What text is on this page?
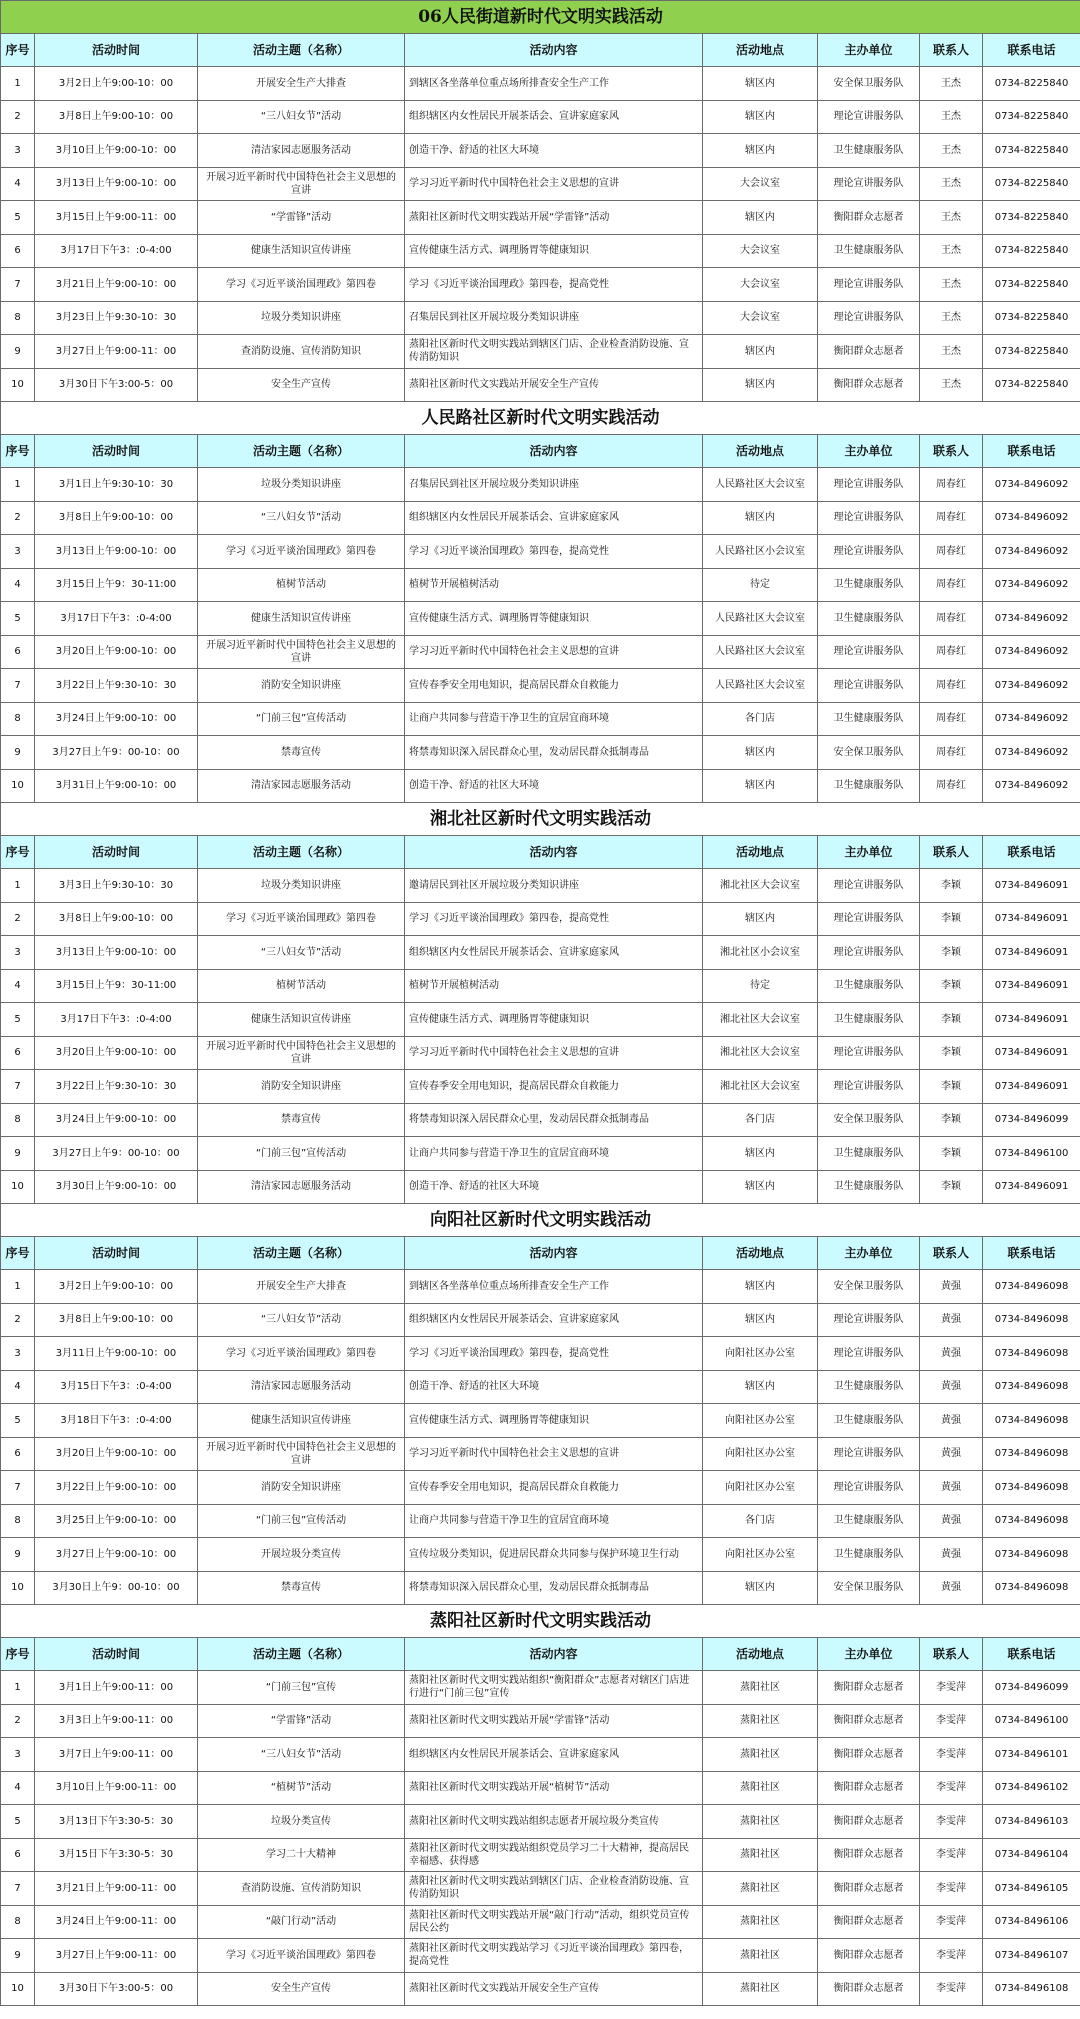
06人民街道新时代文明实践活动							
序号	活动时间	活动主题（名称）	活动内容	活动地点	主办单位	联系人	联系电话
1	3月2日上午9:00-10：00	开展安全生产大排查	到辖区各坐落单位重点场所排查安全生产工作	辖区内	安全保卫服务队	王杰	0734-8225840
2	3月8日上午9:00-10：00	“三八妇女节”活动	组织辖区内女性居民开展茶话会、宣讲家庭家风	辖区内	理论宣讲服务队	王杰	0734-8225840
3	3月10日上午9:00-10：00	清洁家园志愿服务活动	创造干净、舒适的社区大环境	辖区内	卫生健康服务队	王杰	0734-8225840
4	3月13日上午9:00-10：00	开展习近平新时代中国特色社会主义思想的宣讲	学习习近平新时代中国特色社会主义思想的宣讲	大会议室	理论宣讲服务队	王杰	0734-8225840
5	3月15日上午9:00-11：00	“学雷锋”活动	蒸阳社区新时代文明实践站开展“学雷锋”活动	辖区内	衡阳群众志愿者	王杰	0734-8225840
6	3月17日下午3：:0-4:00	健康生活知识宣传讲座	宣传健康生活方式、调理肠胃等健康知识	大会议室	卫生健康服务队	王杰	0734-8225840
7	3月21日上午9:00-10：00	学习《习近平谈治国理政》第四卷	学习《习近平谈治国理政》第四卷，提高党性	大会议室	理论宣讲服务队	王杰	0734-8225840
8	3月23日上午9:30-10：30	垃圾分类知识讲座	召集居民到社区开展垃圾分类知识讲座	大会议室	理论宣讲服务队	王杰	0734-8225840
9	3月27日上午9:00-11：00	查消防设施、宣传消防知识	蒸阳社区新时代文明实践站到辖区门店、企业检查消防设施、宣传消防知识	辖区内	衡阳群众志愿者	王杰	0734-8225840
10	3月30日下午3:00-5：00	安全生产宣传	蒸阳社区新时代文实践站开展安全生产宣传	辖区内	衡阳群众志愿者	王杰	0734-8225840
人民路社区新时代文明实践活动							
序号	活动时间	活动主题（名称）	活动内容	活动地点	主办单位	联系人	联系电话
1	3月1日上午9:30-10：30	垃圾分类知识讲座	召集居民到社区开展垃圾分类知识讲座	人民路社区大会议室	理论宣讲服务队	周春红	0734-8496092
2	3月8日上午9:00-10：00	“三八妇女节”活动	组织辖区内女性居民开展茶话会、宣讲家庭家风	辖区内	理论宣讲服务队	周春红	0734-8496092
3	3月13日上午9:00-10：00	学习《习近平谈治国理政》第四卷	学习《习近平谈治国理政》第四卷，提高党性	人民路社区小会议室	理论宣讲服务队	周春红	0734-8496092
4	3月15日上午9：30-11:00	植树节活动	植树节开展植树活动	待定	卫生健康服务队	周春红	0734-8496092
5	3月17日下午3：:0-4:00	健康生活知识宣传讲座	宣传健康生活方式、调理肠胃等健康知识	人民路社区大会议室	卫生健康服务队	周春红	0734-8496092
6	3月20日上午9:00-10：00	开展习近平新时代中国特色社会主义思想的宣讲	学习习近平新时代中国特色社会主义思想的宣讲	人民路社区大会议室	理论宣讲服务队	周春红	0734-8496092
7	3月22日上午9:30-10：30	消防安全知识讲座	宣传春季安全用电知识，提高居民群众自救能力	人民路社区大会议室	理论宣讲服务队	周春红	0734-8496092
8	3月24日上午9:00-10：00	“门前三包”宣传活动	让商户共同参与营造干净卫生的宜居宜商环境	各门店	卫生健康服务队	周春红	0734-8496092
9	3月27日上午9：00-10：00	禁毒宣传	将禁毒知识深入居民群众心里，发动居民群众抵制毒品	辖区内	安全保卫服务队	周春红	0734-8496092
10	3月31日上午9:00-10：00	清洁家园志愿服务活动	创造干净、舒适的社区大环境	辖区内	卫生健康服务队	周春红	0734-8496092
湘北社区新时代文明实践活动							
序号	活动时间	活动主题（名称）	活动内容	活动地点	主办单位	联系人	联系电话
1	3月3日上午9:30-10：30	垃圾分类知识讲座	邀请居民到社区开展垃圾分类知识讲座	湘北社区大会议室	理论宣讲服务队	李颖	0734-8496091
2	3月8日上午9:00-10：00	学习《习近平谈治国理政》第四卷	学习《习近平谈治国理政》第四卷，提高党性	辖区内	理论宣讲服务队	李颖	0734-8496091
3	3月13日上午9:00-10：00	“三八妇女节”活动	组织辖区内女性居民开展茶话会、宣讲家庭家风	湘北社区小会议室	理论宣讲服务队	李颖	0734-8496091
4	3月15日上午9：30-11:00	植树节活动	植树节开展植树活动	待定	卫生健康服务队	李颖	0734-8496091
5	3月17日下午3：:0-4:00	健康生活知识宣传讲座	宣传健康生活方式、调理肠胃等健康知识	湘北社区大会议室	卫生健康服务队	李颖	0734-8496091
6	3月20日上午9:00-10：00	开展习近平新时代中国特色社会主义思想的宣讲	学习习近平新时代中国特色社会主义思想的宣讲	湘北社区大会议室	理论宣讲服务队	李颖	0734-8496091
7	3月22日上午9:30-10：30	消防安全知识讲座	宣传春季安全用电知识，提高居民群众自救能力	湘北社区大会议室	理论宣讲服务队	李颖	0734-8496091
8	3月24日上午9:00-10：00	禁毒宣传	将禁毒知识深入居民群众心里，发动居民群众抵制毒品	各门店	安全保卫服务队	李颖	0734-8496099
9	3月27日上午9：00-10：00	“门前三包”宣传活动	让商户共同参与营造干净卫生的宜居宜商环境	辖区内	卫生健康服务队	李颖	0734-8496100
10	3月30日上午9:00-10：00	清洁家园志愿服务活动	创造干净、舒适的社区大环境	辖区内	卫生健康服务队	李颖	0734-8496091
向阳社区新时代文明实践活动							
序号	活动时间	活动主题（名称）	活动内容	活动地点	主办单位	联系人	联系电话
1	3月2日上午9:00-10：00	开展安全生产大排查	到辖区各坐落单位重点场所排查安全生产工作	辖区内	安全保卫服务队	黄强	0734-8496098
2	3月8日上午9:00-10：00	“三八妇女节”活动	组织辖区内女性居民开展茶话会、宣讲家庭家风	辖区内	理论宣讲服务队	黄强	0734-8496098
3	3月11日上午9:00-10：00	学习《习近平谈治国理政》第四卷	学习《习近平谈治国理政》第四卷，提高党性	向阳社区办公室	理论宣讲服务队	黄强	0734-8496098
4	3月15日下午3：:0-4:00	清洁家园志愿服务活动	创造干净、舒适的社区大环境	辖区内	卫生健康服务队	黄强	0734-8496098
5	3月18日下午3：:0-4:00	健康生活知识宣传讲座	宣传健康生活方式、调理肠胃等健康知识	向阳社区办公室	卫生健康服务队	黄强	0734-8496098
6	3月20日上午9:00-10：00	开展习近平新时代中国特色社会主义思想的宣讲	学习习近平新时代中国特色社会主义思想的宣讲	向阳社区办公室	理论宣讲服务队	黄强	0734-8496098
7	3月22日上午9:00-10：00	消防安全知识讲座	宣传春季安全用电知识，提高居民群众自救能力	向阳社区办公室	理论宣讲服务队	黄强	0734-8496098
8	3月25日上午9:00-10：00	“门前三包”宣传活动	让商户共同参与营造干净卫生的宜居宜商环境	各门店	卫生健康服务队	黄强	0734-8496098
9	3月27日上午9:00-10：00	开展垃圾分类宣传	宣传垃圾分类知识，促进居民群众共同参与保护环境卫生行动	向阳社区办公室	卫生健康服务队	黄强	0734-8496098
10	3月30日上午9：00-10：00	禁毒宣传	将禁毒知识深入居民群众心里，发动居民群众抵制毒品	辖区内	安全保卫服务队	黄强	0734-8496098
蒸阳社区新时代文明实践活动							
序号	活动时间	活动主题（名称）	活动内容	活动地点	主办单位	联系人	联系电话
1	3月1日上午9:00-11：00	“门前三包”宣传	蒸阳社区新时代文明实践站组织“衡阳群众”志愿者对辖区门店进行进行“门前三包”宣传	蒸阳社区	衡阳群众志愿者	李雯萍	0734-8496099
2	3月3日上午9:00-11：00	“学雷锋”活动	蒸阳社区新时代文明实践站开展“学雷锋”活动	蒸阳社区	衡阳群众志愿者	李雯萍	0734-8496100
3	3月7日上午9:00-11：00	“三八妇女节”活动	组织辖区内女性居民开展茶话会、宣讲家庭家风	蒸阳社区	衡阳群众志愿者	李雯萍	0734-8496101
4	3月10日上午9:00-11：00	“植树节”活动	蒸阳社区新时代文明实践站开展“植树节”活动	蒸阳社区	衡阳群众志愿者	李雯萍	0734-8496102
5	3月13日下午3:30-5：30	垃圾分类宣传	蒸阳社区新时代文明实践站组织志愿者开展垃圾分类宣传	蒸阳社区	衡阳群众志愿者	李雯萍	0734-8496103
6	3月15日下午3:30-5：30	学习二十大精神	蒸阳社区新时代文明实践站组织党员学习二十大精神，提高居民幸福感、获得感	蒸阳社区	衡阳群众志愿者	李雯萍	0734-8496104
7	3月21日上午9:00-11：00	查消防设施、宣传消防知识	蒸阳社区新时代文明实践站到辖区门店、企业检查消防设施、宣传消防知识	蒸阳社区	衡阳群众志愿者	李雯萍	0734-8496105
8	3月24日上午9:00-11：00	“敲门行动”活动	蒸阳社区新时代文明实践站开展“敲门行动”活动，组织党员宣传居民公约	蒸阳社区	衡阳群众志愿者	李雯萍	0734-8496106
9	3月27日上午9:00-11：00	学习《习近平谈治国理政》第四卷	蒸阳社区新时代文明实践站学习《习近平谈治国理政》第四卷，提高党性	蒸阳社区	衡阳群众志愿者	李雯萍	0734-8496107
10	3月30日下午3:00-5：00	安全生产宣传	蒸阳社区新时代文实践站开展安全生产宣传	蒸阳社区	衡阳群众志愿者	李雯萍	0734-8496108
